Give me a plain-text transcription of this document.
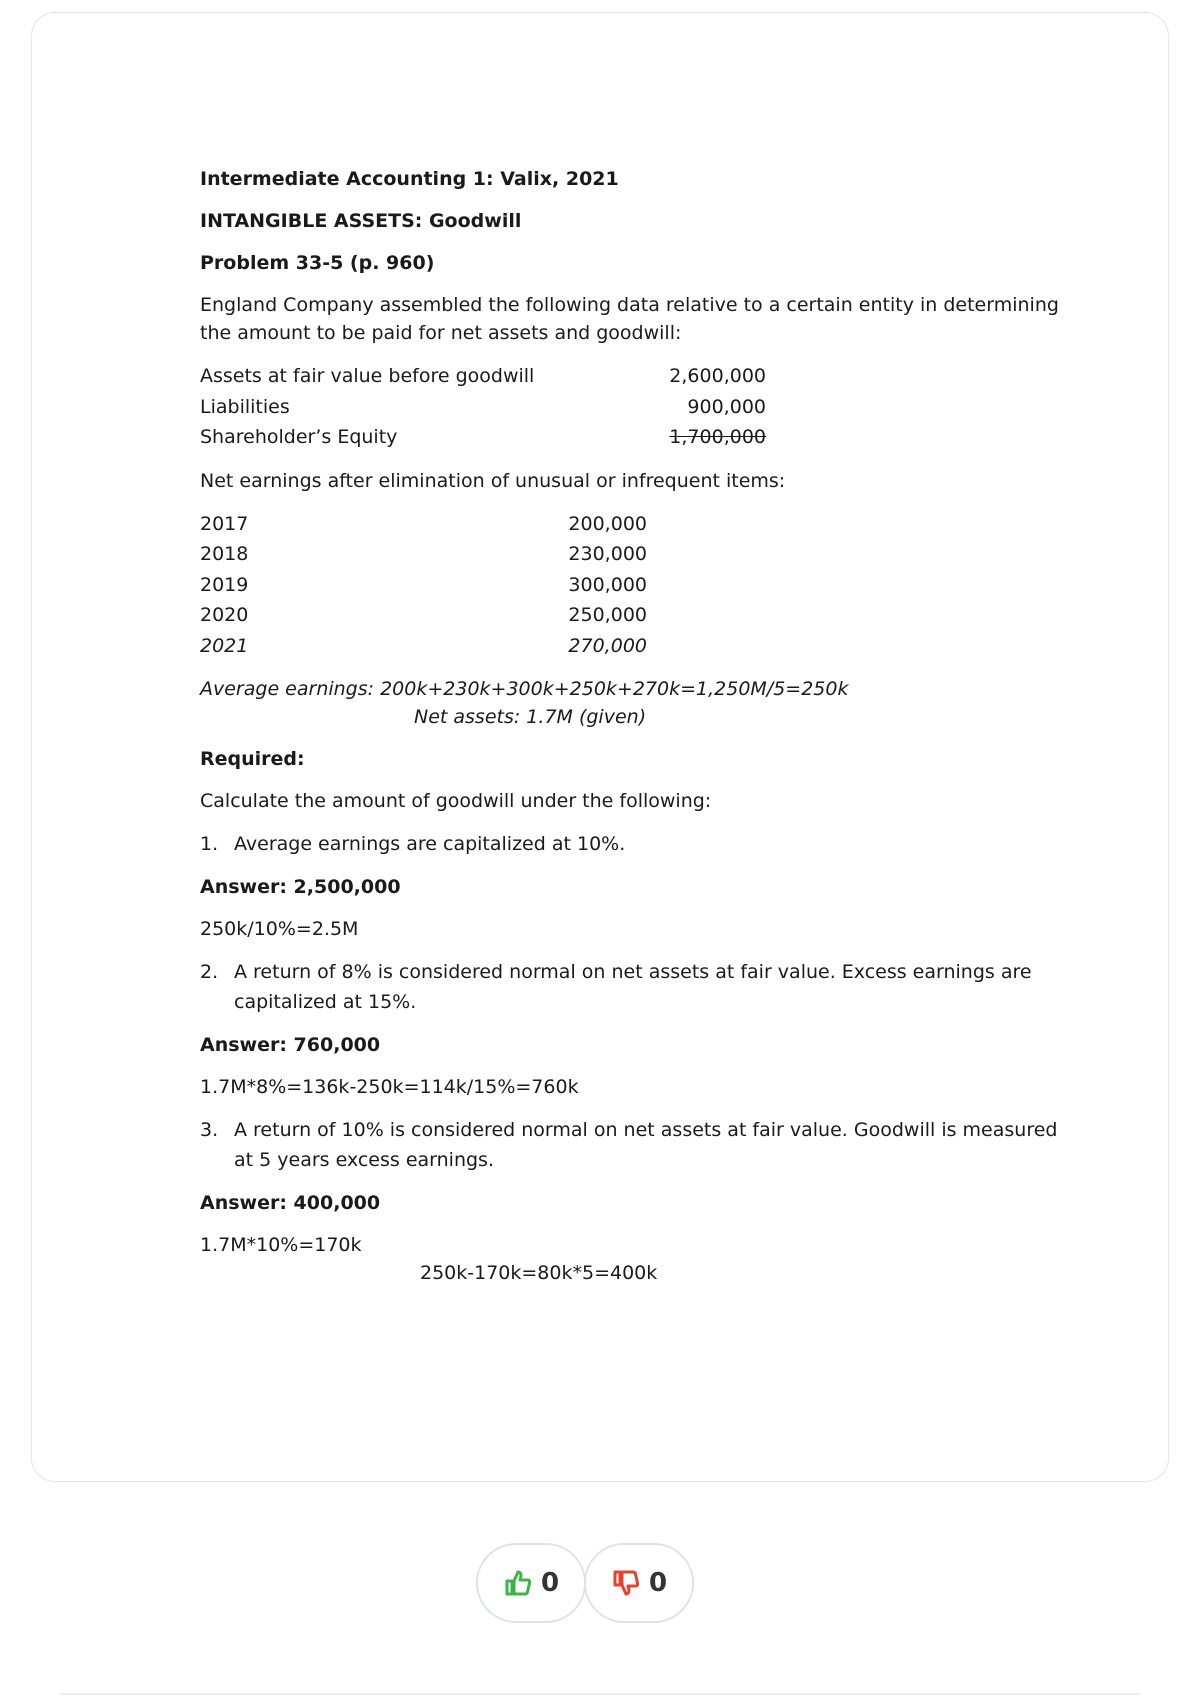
Intermediate Accounting 1: Valix, 2021

INTANGIBLE ASSETS: Goodwill

Problem 33-5 (p. 960)

England Company assembled the following data relative to a certain entity in determining the amount to be paid for net assets and goodwill:

Assets at fair value before goodwill	2,600,000
Liabilities	900,000
Shareholder’s Equity	1,700,000

Net earnings after elimination of unusual or infrequent items:

2017	200,000
2018	230,000
2019	300,000
2020	250,000
2021	270,000

Average earnings: 200k+230k+300k+250k+270k=1,250M/5=250k

Net assets: 1.7M (given)

Required:

Calculate the amount of goodwill under the following:

1. Average earnings are capitalized at 10%.

Answer: 2,500,000

250k/10%=2.5M

2. A return of 8% is considered normal on net assets at fair value. Excess earnings are capitalized at 15%.

Answer: 760,000

1.7M*8%=136k-250k=114k/15%=760k

3. A return of 10% is considered normal on net assets at fair value. Goodwill is measured at 5 years excess earnings.

Answer: 400,000

1.7M*10%=170k

250k-170k=80k*5=400k

0	0
